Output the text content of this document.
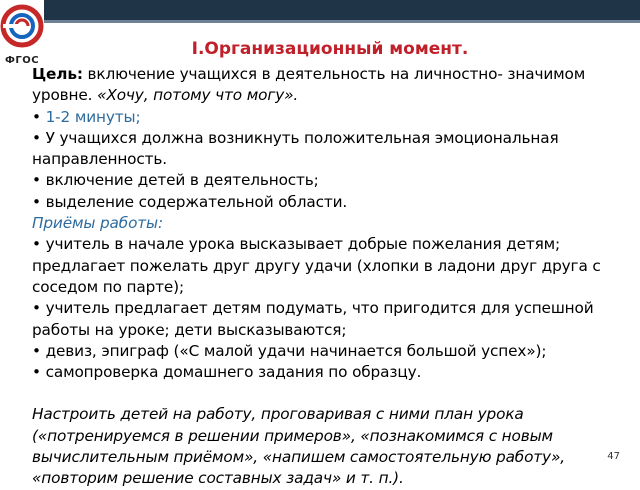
ФГОС
I.Организационный момент.

Цель: включение учащихся в деятельность на личностно- значимом уровне. «Хочу, потому что могу».

• 1-2 минуты;

• У учащихся должна возникнуть положительная эмоциональная направленность.

• включение детей в деятельность;

• выделение содержательной области.

Приёмы работы:

• учитель в начале урока высказывает добрые пожелания детям; предлагает пожелать друг другу удачи (хлопки в ладони друг друга с соседом по парте);

• учитель предлагает детям подумать, что пригодится для успешной работы на уроке; дети высказываются;

• девиз, эпиграф («С малой удачи начинается большой успех»);

• самопроверка домашнего задания по образцу.

Настроить детей на работу, проговаривая с ними план урока («потренируемся в решении примеров», «познакомимся с новым вычислительным приёмом», «напишем самостоятельную работу», «повторим решение составных задач» и т. п.).

47
